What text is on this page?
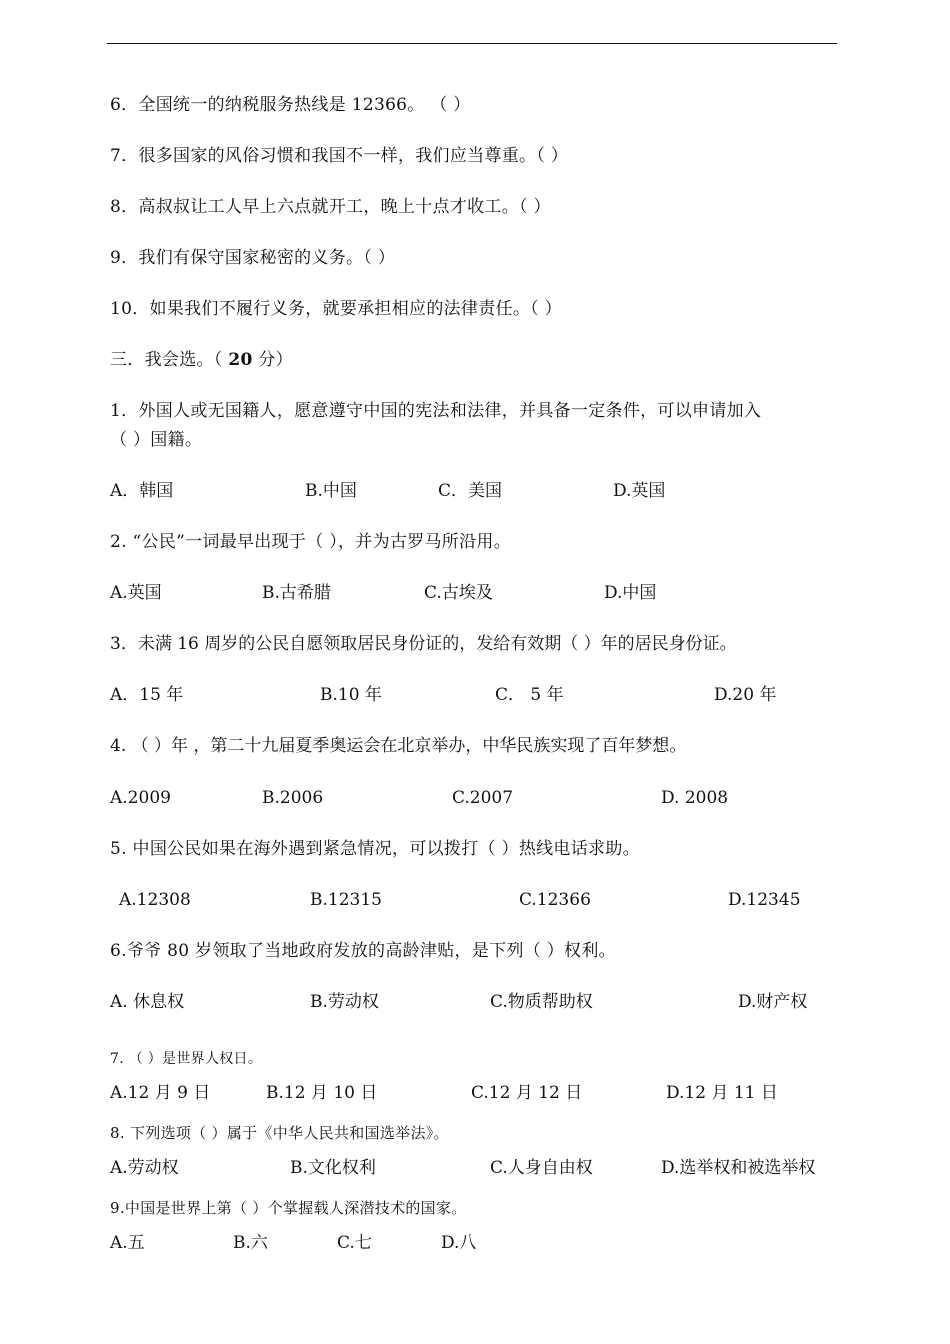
6．全国统一的纳税服务热线是 12366。 （ ）
7．很多国家的风俗习惯和我国不一样，我们应当尊重。（ ）
8．高叔叔让工人早上六点就开工，晚上十点才收工。（ ）
9．我们有保守国家秘密的义务。（ ）
10．如果我们不履行义务，就要承担相应的法律责任。（ ）
三．我会选。（ 20 分）
1．外国人或无国籍人，愿意遵守中国的宪法和法律，并具备一定条件，可以申请加入
（ ）国籍。
A．韩国	B.中国	C．美国	D.英国
2. “公民”一词最早出现于（ ），并为古罗马所沿用。
A.英国	B.古希腊	C.古埃及	D.中国
3．未满 16 周岁的公民自愿领取居民身份证的，发给有效期（ ）年的居民身份证。
A．15 年	B.10 年	C． 5 年	D.20 年
4. （ ）年 ，第二十九届夏季奥运会在北京举办，中华民族实现了百年梦想。
A.2009	B.2006	C.2007	D. 2008
5. 中国公民如果在海外遇到紧急情况，可以拨打（ ）热线电话求助。
A.12308	B.12315	C.12366	D.12345
6.爷爷 80 岁领取了当地政府发放的高龄津贴，是下列（ ）权利。
A. 休息权	B.劳动权	C.物质帮助权	D.财产权
7. （ ）是世界人权日。
A.12 月 9 日	B.12 月 10 日	C.12 月 12 日	D.12 月 11 日
8. 下列选项（ ）属于《中华人民共和国选举法》。
A.劳动权	B.文化权利	C.人身自由权	D.选举权和被选举权
9.中国是世界上第（ ）个掌握载人深潜技术的国家。
A.五	B.六	C.七	D.八
